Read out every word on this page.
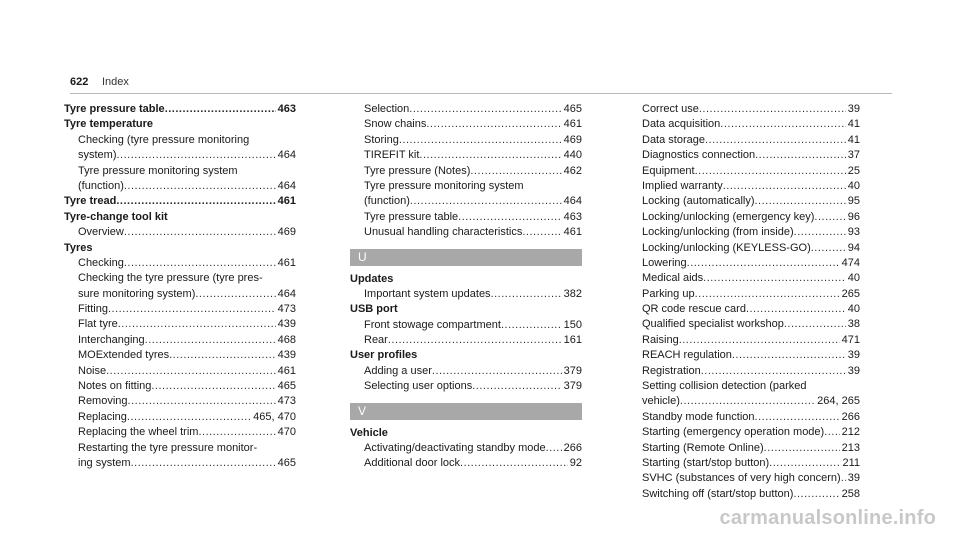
622 Index
Tyre pressure table .....	463
Tyre temperature
Checking (tyre pressure monitoring
system) .....	464
Tyre pressure monitoring system
(function) .....	464
Tyre tread .....	461
Tyre-change tool kit
Overview .....	469
Tyres
Checking .....	461
Checking the tyre pressure (tyre pres-
sure monitoring system) .....	464
Fitting .....	473
Flat tyre .....	439
Interchanging .....	468
MOExtended tyres .....	439
Noise .....	461
Notes on fitting .....	465
Removing .....	473
Replacing .....	465, 470
Replacing the wheel trim .....	470
Restarting the tyre pressure monitor-
ing system .....	465
Selection .....	465
Snow chains .....	461
Storing .....	469
TIREFIT kit .....	440
Tyre pressure (Notes) .....	462
Tyre pressure monitoring system
(function) .....	464
Tyre pressure table .....	463
Unusual handling characteristics .....	461
U
Updates
Important system updates .....	382
USB port
Front stowage compartment .....	150
Rear .....	161
User profiles
Adding a user .....	379
Selecting user options .....	379
V
Vehicle
Activating/deactivating standby mode ..... 266
Additional door lock .....	92
Correct use .....	39
Data acquisition .....	41
Data storage .....	41
Diagnostics connection .....	37
Equipment .....	25
Implied warranty .....	40
Locking (automatically) .....	95
Locking/unlocking (emergency key) .....	96
Locking/unlocking (from inside) .....	93
Locking/unlocking (KEYLESS-GO) .....	94
Lowering .....	474
Medical aids .....	40
Parking up .....	265
QR code rescue card .....	40
Qualified specialist workshop .....	38
Raising .....	471
REACH regulation .....	39
Registration .....	39
Setting collision detection (parked
vehicle) .....	264, 265
Standby mode function .....	266
Starting (emergency operation mode) ..... 212
Starting (Remote Online) .....	213
Starting (start/stop button) .....	211
SVHC (substances of very high concern) ..... 39
Switching off (start/stop button) .....	258
carmanualsonline.info
